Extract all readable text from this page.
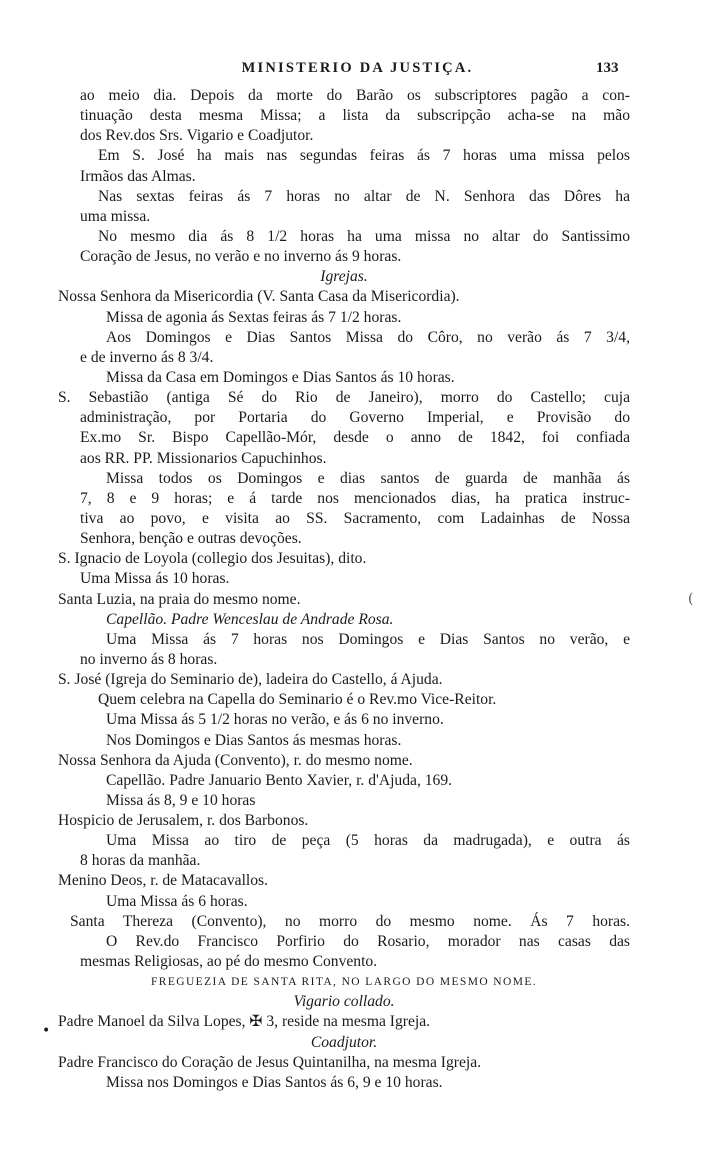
MINISTERIO DA JUSTIÇA.	133
ao meio dia. Depois da morte do Barão os subscriptores pagão a con-
tinuação desta mesma Missa; a lista da subscripção acha-se na mão
dos Rev.dos Srs. Vigario e Coadjutor.
Em S. José ha mais nas segundas feiras ás 7 horas uma missa pelos
Irmãos das Almas.
Nas sextas feiras ás 7 horas no altar de N. Senhora das Dôres ha
uma missa.
No mesmo dia ás 8 1/2 horas ha uma missa no altar do Santissimo
Coração de Jesus, no verão e no inverno ás 9 horas.
Igrejas.
Nossa Senhora da Misericordia (V. Santa Casa da Misericordia).
Missa de agonia ás Sextas feiras ás 7 1/2 horas.
Aos Domingos e Dias Santos Missa do Côro, no verão ás 7 3/4,
e de inverno ás 8 3/4.
Missa da Casa em Domingos e Dias Santos ás 10 horas.
S. Sebastião (antiga Sé do Rio de Janeiro), morro do Castello; cuja
administração, por Portaria do Governo Imperial, e Provisão do
Ex.mo Sr. Bispo Capellão-Mór, desde o anno de 1842, foi confiada
aos RR. PP. Missionarios Capuchinhos.
Missa todos os Domingos e dias santos de guarda de manhãa ás
7, 8 e 9 horas; e á tarde nos mencionados dias, ha pratica instruc-
tiva ao povo, e visita ao SS. Sacramento, com Ladainhas de Nossa
Senhora, benção e outras devoções.
S. Ignacio de Loyola (collegio dos Jesuitas), dito.
Uma Missa ás 10 horas.
Santa Luzia, na praia do mesmo nome.
Capellão. Padre Wenceslau de Andrade Rosa.
Uma Missa ás 7 horas nos Domingos e Dias Santos no verão, e
no inverno ás 8 horas.
S. José (Igreja do Seminario de), ladeira do Castello, á Ajuda.
Quem celebra na Capella do Seminario é o Rev.mo Vice-Reitor.
Uma Missa ás 5 1/2 horas no verão, e ás 6 no inverno.
Nos Domingos e Dias Santos ás mesmas horas.
Nossa Senhora da Ajuda (Convento), r. do mesmo nome.
Capellão. Padre Januario Bento Xavier, r. d'Ajuda, 169.
Missa ás 8, 9 e 10 horas
Hospicio de Jerusalem, r. dos Barbonos.
Uma Missa ao tiro de peça (5 horas da madrugada), e outra ás
8 horas da manhãa.
Menino Deos, r. de Matacavallos.
Uma Missa ás 6 horas.
Santa Thereza (Convento), no morro do mesmo nome. Ás 7 horas.
O Rev.do Francisco Porfirio do Rosario, morador nas casas das
mesmas Religiosas, ao pé do mesmo Convento.
FREGUEZIA DE SANTA RITA, NO LARGO DO MESMO NOME.
Vigario collado.
Padre Manoel da Silva Lopes, ✠ 3, reside na mesma Igreja.
Coadjutor.
Padre Francisco do Coração de Jesus Quintanilha, na mesma Igreja.
Missa nos Domingos e Dias Santos ás 6, 9 e 10 horas.
(
•
